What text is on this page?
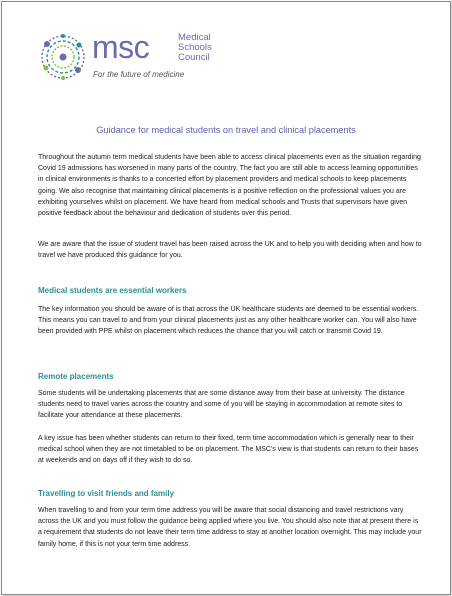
msc	Medical
Schools
Council
For the future of medicine
Guidance for medical students on travel and clinical placements

Throughout the autumn term medical students have been able to access clinical placements even as the situation regarding Covid 19 admissions has worsened in many parts of the country. The fact you are still able to access learning opportunities in clinical environments is thanks to a concerted effort by placement providers and medical schools to keep placements going. We also recognise that maintaining clinical placements is a positive reflection on the professional values you are exhibiting yourselves whilst on placement. We have heard from medical schools and Trusts that supervisors have given positive feedback about the behaviour and dedication of students over this period.

We are aware that the issue of student travel has been raised across the UK and to help you with deciding when and how to travel we have produced this guidance for you.

Medical students are essential workers

The key information you should be aware of is that across the UK healthcare students are deemed to be essential workers. This means you can travel to and from your clinical placements just as any other healthcare worker can. You will also have been provided with PPE whilst on placement which reduces the chance that you will catch or transmit Covid 19.

Remote placements

Some students will be undertaking placements that are some distance away from their base at university. The distance students need to travel varies across the country and some of you will be staying in accommodation at remote sites to facilitate your attendance at these placements.

A key issue has been whether students can return to their fixed, term time accommodation which is generally near to their medical school when they are not timetabled to be on placement. The MSC's view is that students can return to their bases at weekends and on days off if they wish to do so.

Travelling to visit friends and family

When travelling to and from your term time address you will be aware that social distancing and travel restrictions vary across the UK and you must follow the guidance being applied where you live. You should also note that at present there is a requirement that students do not leave their term time address to stay at another location overnight. This may include your family home, if this is not your term time address.
